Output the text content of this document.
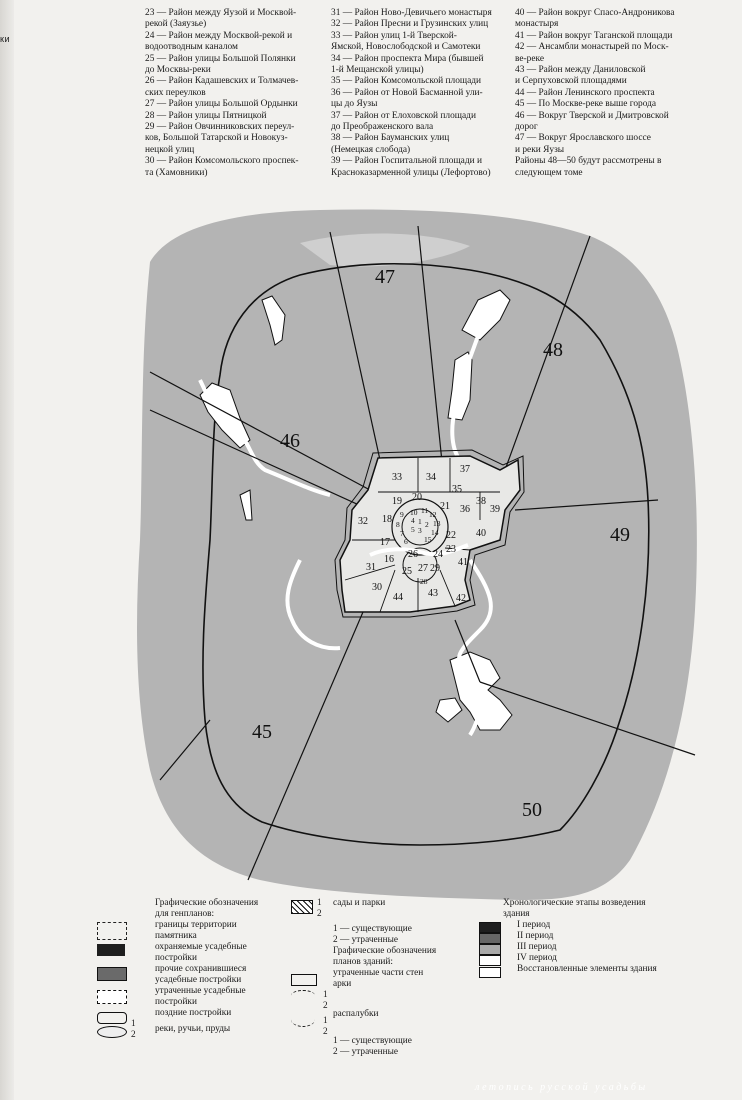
ки
23 — Район между Яузой и Москвой-
рекой (Заяузье)
24 — Район между Москвой-рекой и
водоотводным каналом
25 — Район улицы Большой Полянки
до Москвы-реки
26 — Район Кадашевских и Толмачев-
ских переулков
27 — Район улицы Большой Ордынки
28 — Район улицы Пятницкой
29 — Район Овчинниковских переул-
ков, Большой Татарской и Новокуз-
нецкой улиц
30 — Район Комсомольского проспек-
та (Хамовники)
31 — Район Ново-Девичьего монастыря
32 — Район Пресни и Грузинских улиц
33 — Район улиц 1-й Тверской-
Ямской, Новослободской и Самотеки
34 — Район проспекта Мира (бывшей
1-й Мещанской улицы)
35 — Район Комсомольской площади
36 — Район от Новой Басманной ули-
цы до Яузы
37 — Район от Елоховской площади
до Преображенского вала
38 — Район Бауманских улиц
(Немецкая слобода)
39 — Район Госпитальной площади и
Красноказарменной улицы (Лефортово)
40 — Район вокруг Спасо-Андроникова
монастыря
41 — Район вокруг Таганской площади
42 — Ансамбли монастырей по Моск-
ве-реке
43 — Район между Даниловской
и Серпуховской площадями
44 — Район Ленинского проспекта
45 — По Москве-реке выше города
46 — Вокруг Тверской и Дмитровской
дорог
47 — Вокруг Ярославского шоссе
и реки Яузы
Районы 48—50 будут рассмотрены в
следующем томе
47
48
46
49
45
50
33 34
37
35
38
36 39
19 20
21
32
40
18
17
22
16
23
31
26 24
41
25 27 29
30
44	43 42
9 10 11 12
13
14
15
8
7
6
5
4
3
2
1
28
Графические обозначения
для генпланов:
границы территории
памятника
охраняемые усадебные
постройки
прочие сохранившиеся
усадебные постройки
утраченные усадебные
постройки
поздние постройки
1
2
реки, ручьи, пруды
1
2
сады и парки
1 — существующие
2 — утраченные
Графические обозначения
планов зданий:
утраченные части стен
арки
1
2
распалубки
1
2
1 — существующие
2 — утраченные
Хронологические этапы возведения
здания
I период
II период
III период
IV период
Восстановленные элементы здания
летопись русской усадьбы
